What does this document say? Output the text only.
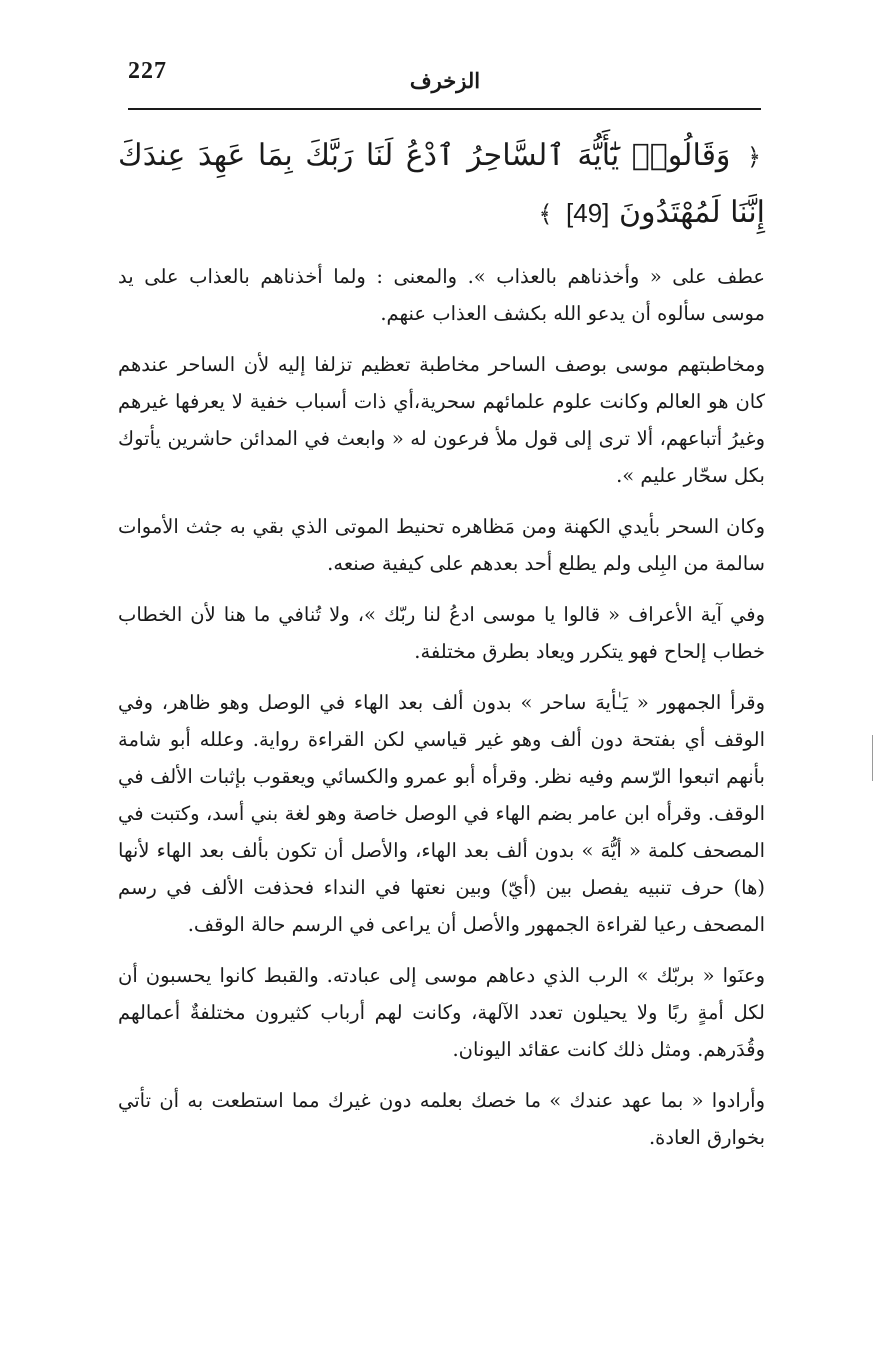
227	الزخرف
﴿ وَقَالُوا۟ يَٰٓأَيُّهَ ٱلسَّاحِرُ ٱدْعُ لَنَا رَبَّكَ بِمَا عَهِدَ عِندَكَ إِنَّنَا لَمُهْتَدُونَ [49] ﴾

عطف على « وأخذناهم بالعذاب ». والمعنى : ولما أخذناهم بالعذاب على يد موسى سألوه أن يدعو الله بكشف العذاب عنهم.

ومخاطبتهم موسى بوصف الساحر مخاطبة تعظيم تزلفا إليه لأن الساحر عندهم كان هو العالم وكانت علوم علمائهم سحرية،أي ذات أسباب خفية لا يعرفها غيرهم وغيرُ أتباعهم، ألا ترى إلى قول ملأ فرعون له « وابعث في المدائن حاشرين يأتوك بكل سحّار عليم ».

وكان السحر بأيدي الكهنة ومن مَظاهره تحنيط الموتى الذي بقي به جثث الأموات سالمة من البِلى ولم يطلع أحد بعدهم على كيفية صنعه.

وفي آية الأعراف « قالوا يا موسى ادعُ لنا ربّك »، ولا تُنافي ما هنا لأن الخطاب خطاب إلحاح فهو يتكرر ويعاد بطرق مختلفة.

وقرأ الجمهور « يَـٰأيهَ ساحر » بدون ألف بعد الهاء في الوصل وهو ظاهر، وفي الوقف أي بفتحة دون ألف وهو غير قياسي لكن القراءة رواية. وعلله أبو شامة بأنهم اتبعوا الرّسم وفيه نظر. وقرأه أبو عمرو والكسائي ويعقوب بإثبات الألف في الوقف. وقرأه ابن عامر بضم الهاء في الوصل خاصة وهو لغة بني أسد، وكتبت في المصحف كلمة « أيُّهَ » بدون ألف بعد الهاء، والأصل أن تكون بألف بعد الهاء لأنها (ها) حرف تنبيه يفصل بين (أيّ) وبين نعتها في النداء فحذفت الألف في رسم المصحف رعيا لقراءة الجمهور والأصل أن يراعى في الرسم حالة الوقف.

وعنَوا « بربّك » الرب الذي دعاهم موسى إلى عبادته. والقبط كانوا يحسبون أن لكل أمةٍ ربًا ولا يحيلون تعدد الآلهة، وكانت لهم أرباب كثيرون مختلفةٌ أعمالهم وقُدَرهم. ومثل ذلك كانت عقائد اليونان.

وأرادوا « بما عهد عندك » ما خصك بعلمه دون غيرك مما استطعت به أن تأتي بخوارق العادة.
